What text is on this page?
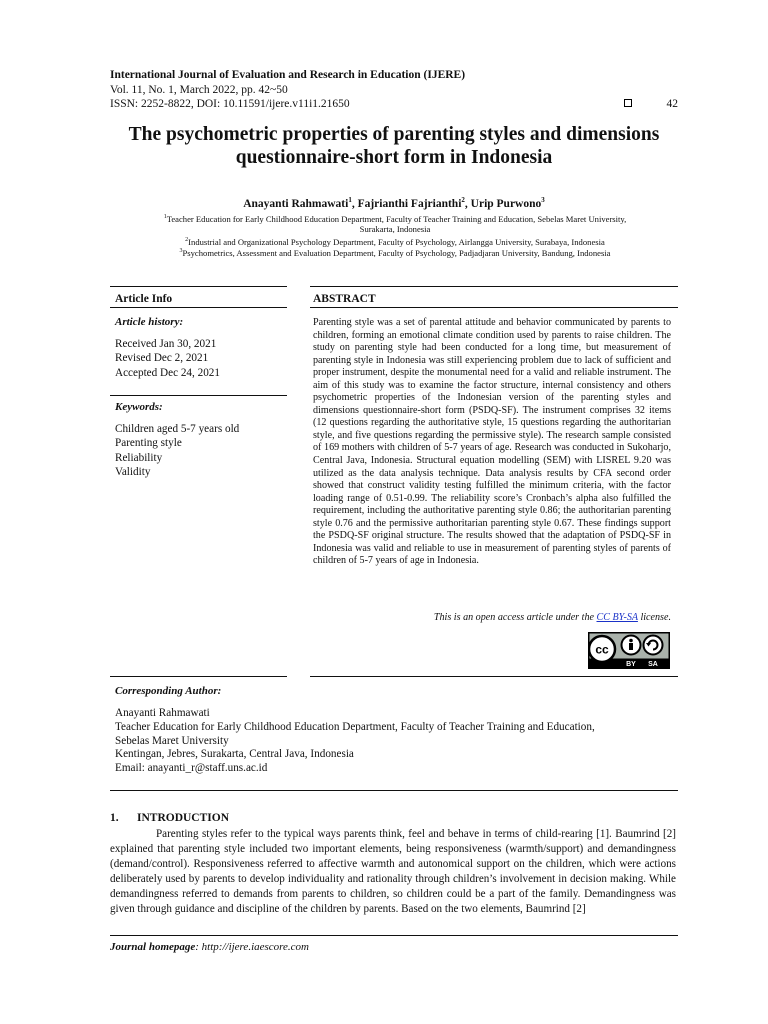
International Journal of Evaluation and Research in Education (IJERE)
Vol. 11, No. 1, March 2022, pp. 42~50
ISSN: 2252-8822, DOI: 10.11591/ijere.v11i1.21650	42
The psychometric properties of parenting styles and dimensions
questionnaire-short form in Indonesia
Anayanti Rahmawati$^1$, Fajrianthi Fajrianthi$^2$, Urip Purwono$^3$
$^1$Teacher Education for Early Childhood Education Department, Faculty of Teacher Training and Education, Sebelas Maret University,
Surakarta, Indonesia
$^2$Industrial and Organizational Psychology Department, Faculty of Psychology, Airlangga University, Surabaya, Indonesia
$^3$Psychometrics, Assessment and Evaluation Department, Faculty of Psychology, Padjadjaran University, Bandung, Indonesia
Article Info	ABSTRACT
Article history:
Received Jan 30, 2021
Revised Dec 2, 2021
Accepted Dec 24, 2021
Keywords:
Children aged 5-7 years old
Parenting style
Reliability
Validity
Parenting style was a set of parental attitude and behavior communicated by parents to children, forming an emotional climate condition used by parents to raise children. The study on parenting style had been conducted for a long time, but measurement of parenting style in Indonesia was still experiencing problem due to lack of sufficient and proper instrument, despite the monumental need for a valid and reliable instrument. The aim of this study was to examine the factor structure, internal consistency and others psychometric properties of the Indonesian version of the parenting styles and dimensions questionnaire-short form (PSDQ-SF). The instrument comprises 32 items (12 questions regarding the authoritative style, 15 questions regarding the authoritarian style, and five questions regarding the permissive style). The research sample consisted of 169 mothers with children of 5-7 years of age. Research was conducted in Sukoharjo, Central Java, Indonesia. Structural equation modelling (SEM) with LISREL 9.20 was utilized as the data analysis technique. Data analysis results by CFA second order showed that construct validity testing fulfilled the minimum criteria, with the factor loading range of 0.51-0.99. The reliability score’s Cronbach’s alpha also fulfilled the requirement, including the authoritative parenting style 0.86; the authoritarian parenting style 0.76 and the permissive authoritarian parenting style 0.67. These findings support the PSDQ-SF original structure. The results showed that the adaptation of PSDQ-SF in Indonesia was valid and reliable to use in measurement of parenting styles of parents of children of 5-7 years of age in Indonesia.
This is an open access article under the CC BY-SA license.
cc
BY SA
Corresponding Author:
Anayanti Rahmawati
Teacher Education for Early Childhood Education Department, Faculty of Teacher Training and Education,
Sebelas Maret University
Kentingan, Jebres, Surakarta, Central Java, Indonesia
Email: anayanti_r@staff.uns.ac.id
1. INTRODUCTION
Parenting styles refer to the typical ways parents think, feel and behave in terms of child-rearing [1]. Baumrind [2] explained that parenting style included two important elements, being responsiveness (warmth/support) and demandingness (demand/control). Responsiveness referred to affective warmth and autonomical support on the children, which were actions deliberately used by parents to develop individuality and rationality through children’s involvement in decision making. While demandingness referred to demands from parents to children, so children could be a part of the family. Demandingness was given through guidance and discipline of the children by parents. Based on the two elements, Baumrind [2]
Journal homepage: http://ijere.iaescore.com
